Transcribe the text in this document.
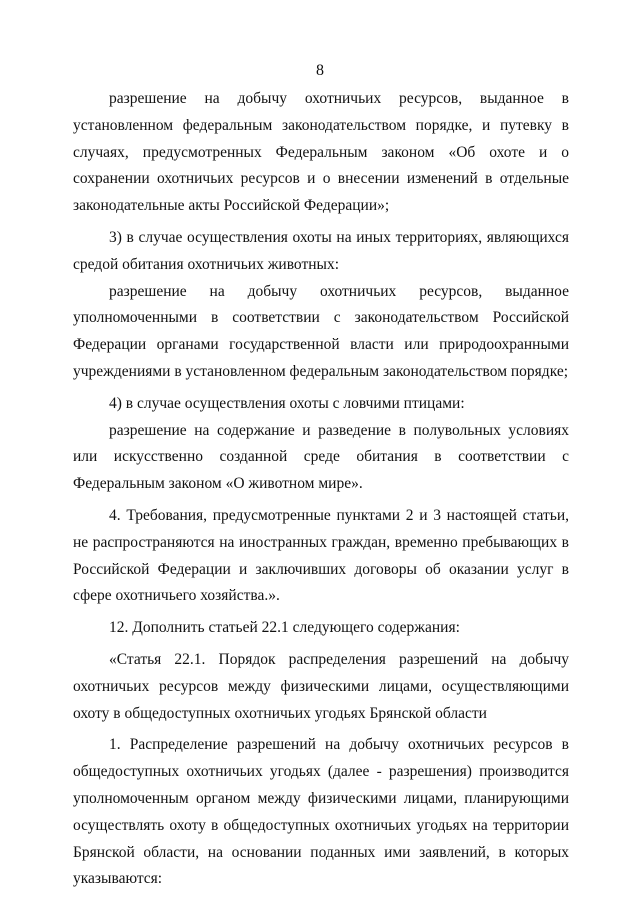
8

разрешение на добычу охотничьих ресурсов, выданное в установленном федеральным законодательством порядке, и путевку в случаях, предусмотренных Федеральным законом «Об охоте и о сохранении охотничьих ресурсов и о внесении изменений в отдельные законодательные акты Российской Федерации»;

3) в случае осуществления охоты на иных территориях, являющихся средой обитания охотничьих животных:

разрешение на добычу охотничьих ресурсов, выданное уполномоченными в соответствии с законодательством Российской Федерации органами государственной власти или природоохранными учреждениями в установленном федеральным законодательством порядке;

4) в случае осуществления охоты с ловчими птицами:

разрешение на содержание и разведение в полувольных условиях или искусственно созданной среде обитания в соответствии с Федеральным законом «О животном мире».

4. Требования, предусмотренные пунктами 2 и 3 настоящей статьи, не распространяются на иностранных граждан, временно пребывающих в Российской Федерации и заключивших договоры об оказании услуг в сфере охотничьего хозяйства.».

12. Дополнить статьей 22.1 следующего содержания:

«Статья 22.1. Порядок распределения разрешений на добычу охотничьих ресурсов между физическими лицами, осуществляющими охоту в общедоступных охотничьих угодьях Брянской области

1. Распределение разрешений на добычу охотничьих ресурсов в общедоступных охотничьих угодьях (далее - разрешения) производится уполномоченным органом между физическими лицами, планирующими осуществлять охоту в общедоступных охотничьих угодьях на территории Брянской области, на основании поданных ими заявлений, в которых указываются:
